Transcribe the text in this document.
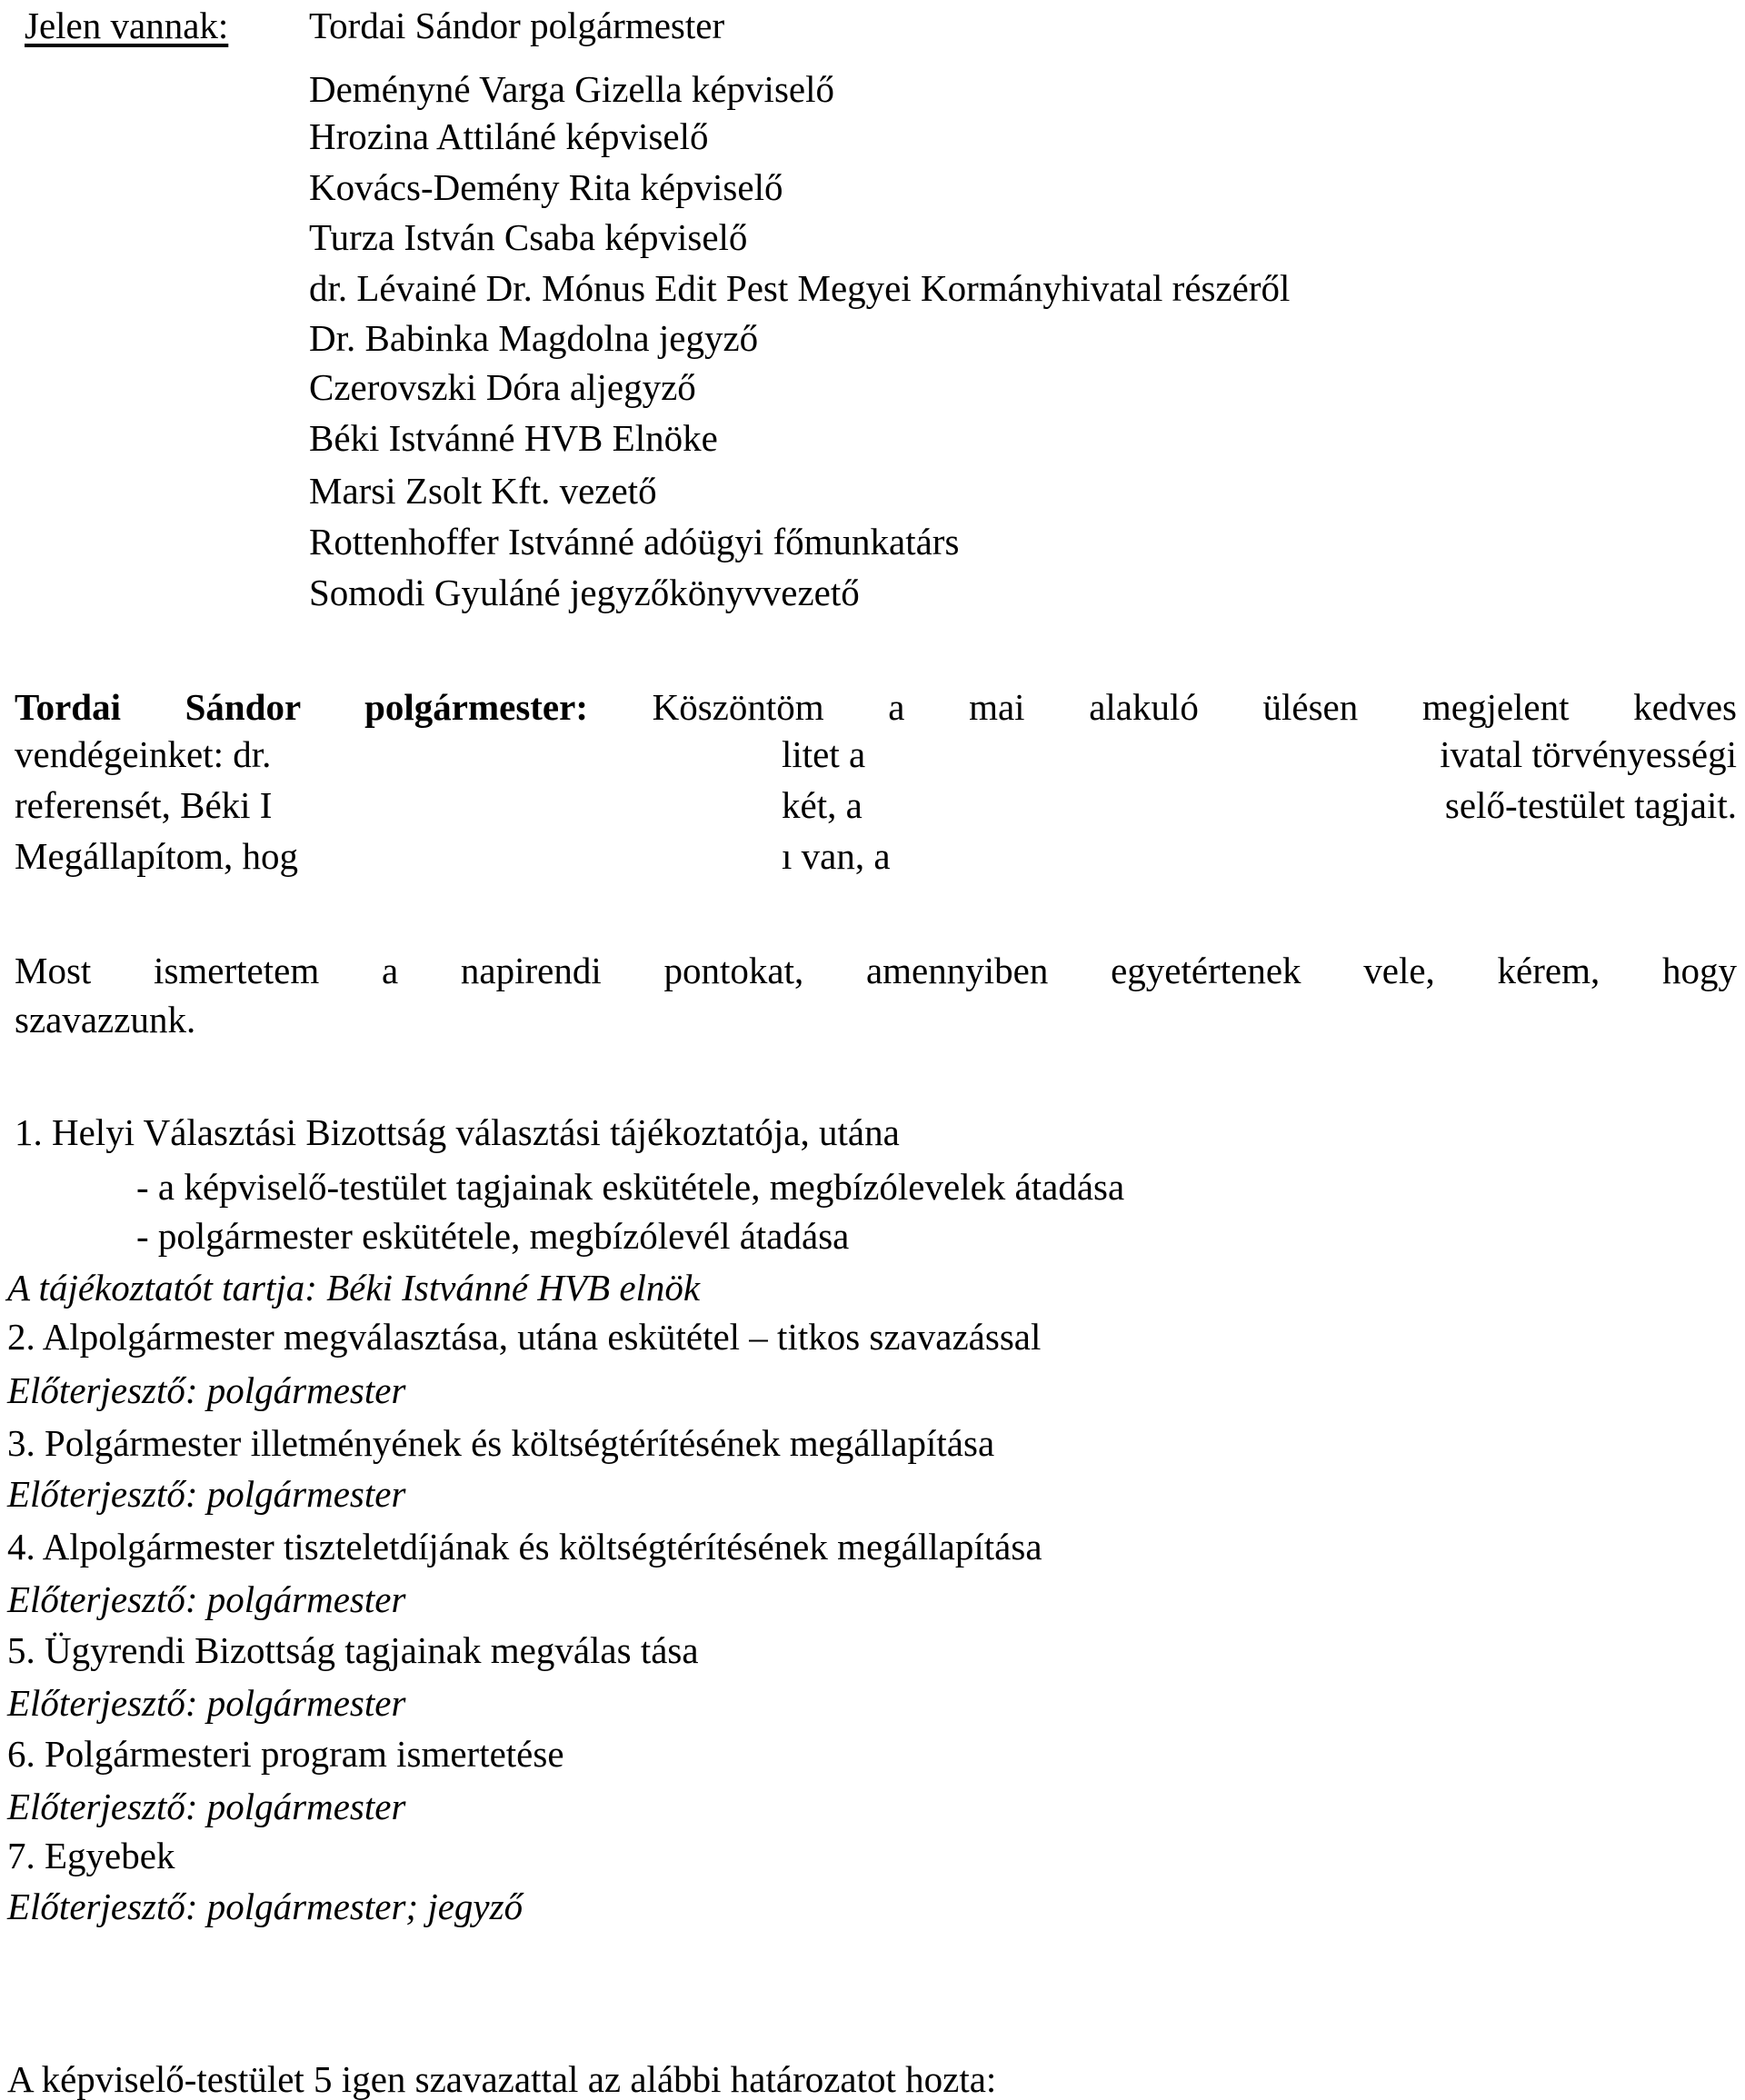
Jelen vannak: Tordai Sándor polgármester
Deményné Varga Gizella képviselő
Hrozina Attiláné képviselő
Kovács-Demény Rita képviselő
Turza István Csaba képviselő
dr. Lévainé Dr. Mónus Edit Pest Megyei Kormányhivatal részéről
Dr. Babinka Magdolna jegyző
Czerovszki Dóra aljegyző
Béki Istvánné HVB Elnöke
Marsi Zsolt Kft. vezető
Rottenhoffer Istvánné adóügyi főmunkatárs
Somodi Gyuláné jegyzőkönyvvezető
Tordai Sándor polgármester: Köszöntöm a mai alakuló ülésen megjelent kedves
vendégeinket: dr.	litet a	ivatal törvényességi
referensét, Béki I	két, a	selő-testület tagjait.
Megállapítom, hog	ı van, a
Most ismertetem a napirendi pontokat, amennyiben egyetértenek vele, kérem, hogy
szavazzunk.
1. Helyi Választási Bizottság választási tájékoztatója, utána
- a képviselő-testület tagjainak eskütétele, megbízólevelek átadása
- polgármester eskütétele, megbízólevél átadása
A tájékoztatót tartja: Béki Istvánné HVB elnök
2. Alpolgármester megválasztása, utána eskütétel – titkos szavazással
Előterjesztő: polgármester
3. Polgármester illetményének és költségtérítésének megállapítása
Előterjesztő: polgármester
4. Alpolgármester tiszteletdíjának és költségtérítésének megállapítása
Előterjesztő: polgármester
5. Ügyrendi Bizottság tagjainak megválas tása
Előterjesztő: polgármester
6. Polgármesteri program ismertetése
Előterjesztő: polgármester
7. Egyebek
Előterjesztő: polgármester; jegyző
A képviselő-testület 5 igen szavazattal az alábbi határozatot hozta:
